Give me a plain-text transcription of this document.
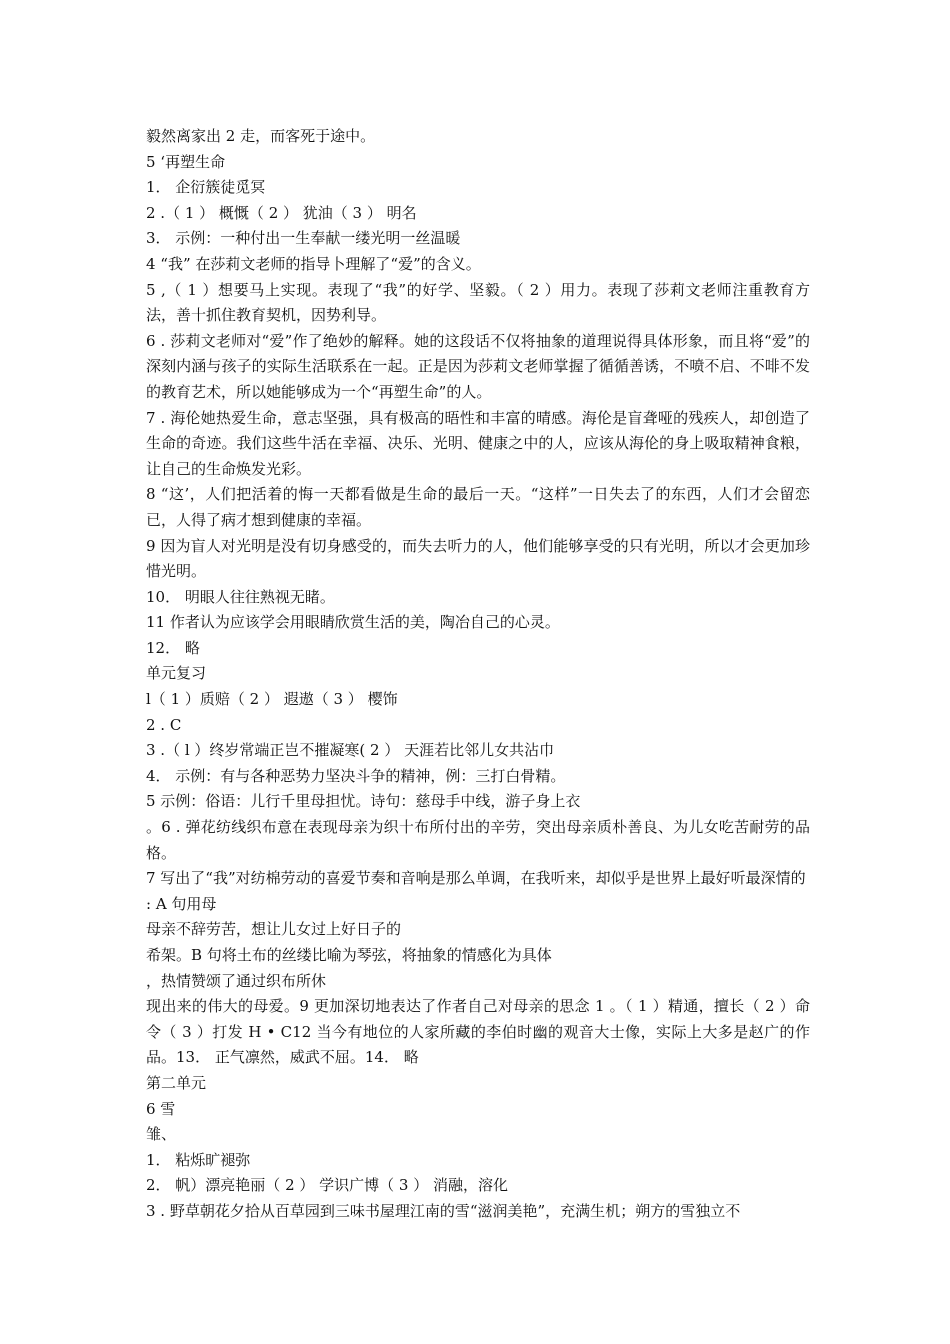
毅然离家出 2 走，而客死于途中。

5 ‘再塑生命

1． 企衍簇徒觅冥

2 .（ 1 ） 概慨（ 2 ） 犹油（ 3 ） 明名

3． 示例：一种付出一生奉献一缕光明一丝温暖

4 “我” 在莎莉文老师的指导卜理解了“爱”的含义。

5 ,（ 1 ）想要马上实现。表现了“我”的好学、坚毅。（ 2 ）用力。表现了莎莉文老师注重教育方法，善十抓住教育契机，因势利导。

6 . 莎莉文老师对“爱”作了绝妙的解释。她的这段话不仅将抽象的道理说得具体形象，而且将“爱”的深刻内涵与孩子的实际生活联系在一起。正是因为莎莉文老师掌握了循循善诱，不喷不启、不啡不发的教育艺术，所以她能够成为一个“再塑生命”的人。

7 . 海伦她热爱生命，意志坚强，具有极高的晤性和丰富的晴感。海伦是盲聋哑的残疾人，却创造了生命的奇迹。我们这些牛活在幸福、决乐、光明、健康之中的人，应该从海伦的身上吸取精神食粮，让自己的生命焕发光彩。

8 “这’，人们把活着的悔一天都看做是生命的最后一天。“这样”一日失去了的东西，人们才会留恋已，人得了病才想到健康的幸福。

9 因为盲人对光明是没有切身感受的，而失去听力的人，他们能够享受的只有光明，所以才会更加珍惜光明。

10． 明眼人往往熟视无睹。

11 作者认为应该学会用眼睛欣赏生活的美，陶冶自己的心灵。

12． 略

单元复习

l（ 1 ）质赔（ 2 ） 遐遨（ 3 ） 樱饰

2 . C

3 .（ l ）终岁常端正岂不摧凝寒( 2 ） 天涯若比邻儿女共沾巾

4． 示例：有与各种恶势力坚决斗争的精神，例：三打白骨精。

5 示例：俗语：儿行千里母担忧。诗句：慈母手中线，游子身上衣

。6 . 弹花纺线织布意在表现母亲为织十布所付出的辛劳，突出母亲质朴善良、为儿女吃苦耐劳的品格。

7 写出了“我”对纺棉劳动的喜爱节奏和音响是那么单调，在我听来，却似乎是世界上最好听最深情的

: A 句用母

母亲不辞劳苦，想让儿女过上好日子的

希架。B 句将土布的丝缕比喻为琴弦，将抽象的情感化为具体

，热情赞颂了通过织布所休

现出来的伟大的母爱。9 更加深切地表达了作者自己对母亲的思念 1 。（ 1 ）精通，擅长（ 2 ）命令（ 3 ）打发 H • C12 当今有地位的人家所藏的李伯时幽的观音大士像，实际上大多是赵广的作品。13． 正气凛然，威武不屈。14． 略

第二单元

6 雪

雏、

1． 粘烁旷褪弥

2． 帆）漂亮艳丽（ 2 ） 学识广博（ 3 ） 消融，溶化

3 . 野草朝花夕拾从百草园到三味书屋理江南的雪“滋润美艳”，充满生机；朔方的雪独立不
